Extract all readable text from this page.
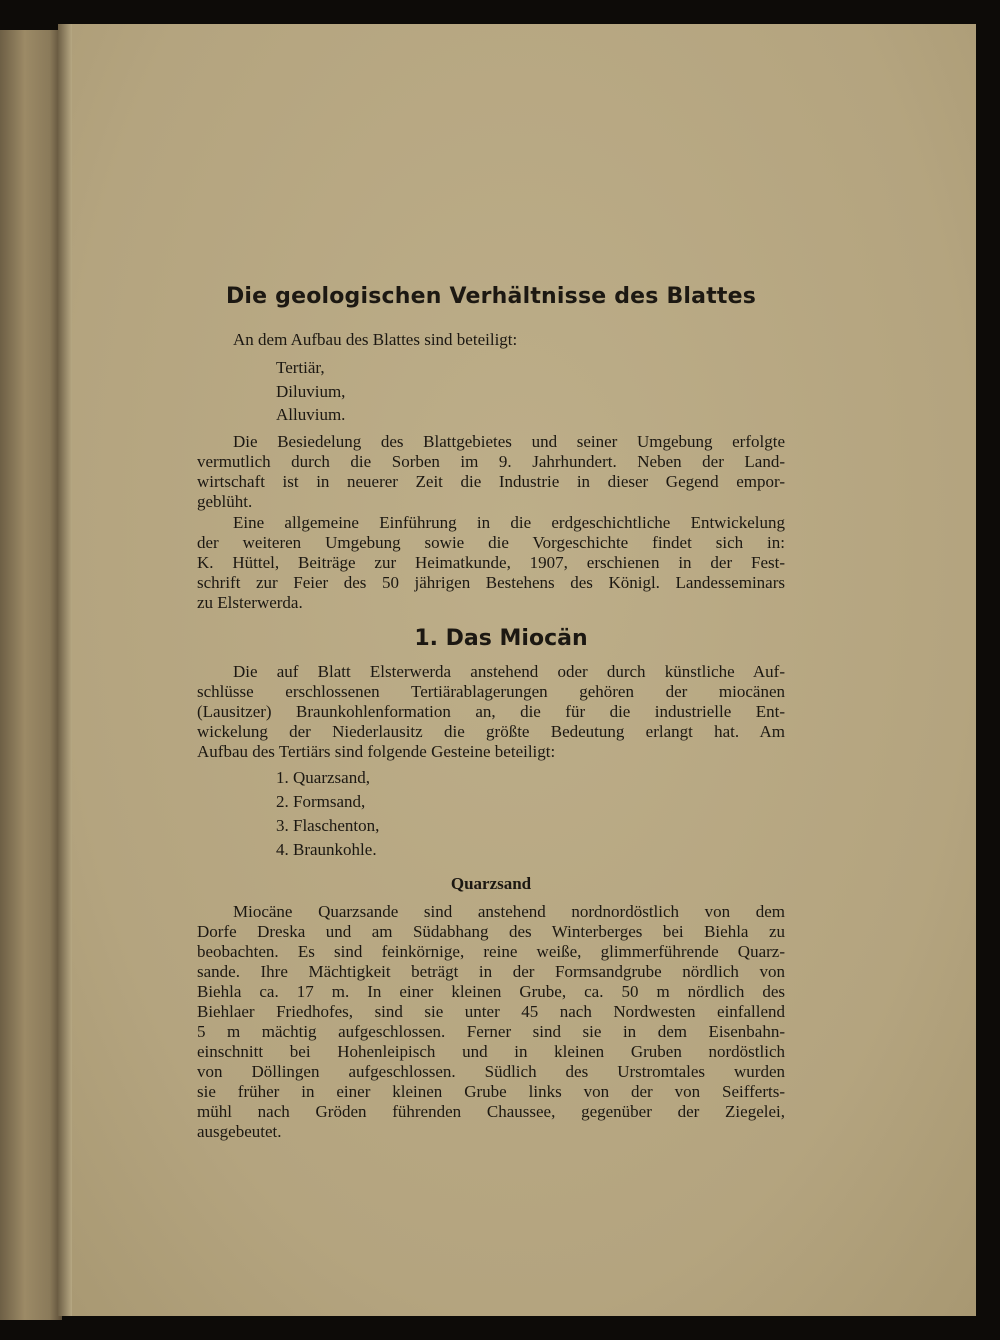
Die geologischen Verhältnisse des Blattes
An dem Aufbau des Blattes sind beteiligt:
Tertiär,
Diluvium,
Alluvium.
Die Besiedelung des Blattgebietes und seiner Umgebung erfolgte
vermutlich durch die Sorben im 9. Jahrhundert. Neben der Land-
wirtschaft ist in neuerer Zeit die Industrie in dieser Gegend empor-
geblüht.
Eine allgemeine Einführung in die erdgeschichtliche Entwickelung
der weiteren Umgebung sowie die Vorgeschichte findet sich in:
K. Hüttel, Beiträge zur Heimatkunde, 1907, erschienen in der Fest-
schrift zur Feier des 50 jährigen Bestehens des Königl. Landesseminars
zu Elsterwerda.
Die auf Blatt Elsterwerda anstehend oder durch künstliche Auf-
schlüsse erschlossenen Tertiärablagerungen gehören der miocänen
(Lausitzer) Braunkohlenformation an, die für die industrielle Ent-
wickelung der Niederlausitz die größte Bedeutung erlangt hat. Am
Aufbau des Tertiärs sind folgende Gesteine beteiligt:
1. Quarzsand,
2. Formsand,
3. Flaschenton,
4. Braunkohle.
Miocäne Quarzsande sind anstehend nordnordöstlich von dem
Dorfe Dreska und am Südabhang des Winterberges bei Biehla zu
beobachten. Es sind feinkörnige, reine weiße, glimmerführende Quarz-
sande. Ihre Mächtigkeit beträgt in der Formsandgrube nördlich von
Biehla ca. 17 m. In einer kleinen Grube, ca. 50 m nördlich des
Biehlaer Friedhofes, sind sie unter 45 nach Nordwesten einfallend
5 m mächtig aufgeschlossen. Ferner sind sie in dem Eisenbahn-
einschnitt bei Hohenleipisch und in kleinen Gruben nordöstlich
von Döllingen aufgeschlossen. Südlich des Urstromtales wurden
sie früher in einer kleinen Grube links von der von Seifferts-
mühl nach Gröden führenden Chaussee, gegenüber der Ziegelei,
ausgebeutet.
1. Das Miocän
Quarzsand
